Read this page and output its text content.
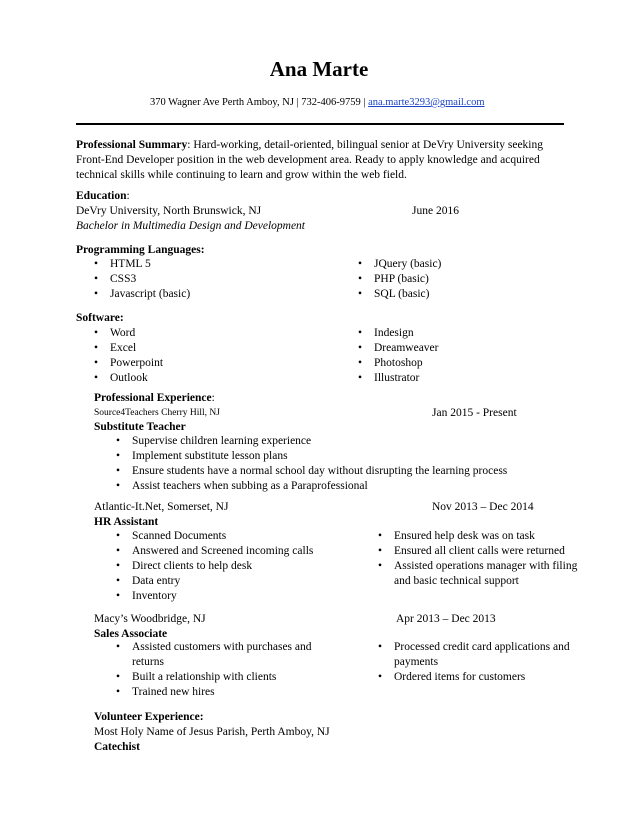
Ana Marte
370 Wagner Ave Perth Amboy, NJ | 732-406-9759 | ana.marte3293@gmail.com
Professional Summary: Hard-working, detail-oriented, bilingual senior at DeVry University seeking
Front-End Developer position in the web development area. Ready to apply knowledge and acquired
technical skills while continuing to learn and grow within the web field.
Education:
DeVry University, North Brunswick, NJ	June 2016
Bachelor in Multimedia Design and Development
Programming Languages:
• HTML 5
• CSS3
• Javascript (basic)
• JQuery (basic)
• PHP (basic)
• SQL (basic)
Software:
• Word
• Excel
• Powerpoint
• Outlook
• Indesign
• Dreamweaver
• Photoshop
• Illustrator
Professional Experience:
Source4Teachers Cherry Hill, NJ	Jan 2015 - Present
Substitute Teacher
• Supervise children learning experience
• Implement substitute lesson plans
• Ensure students have a normal school day without disrupting the learning process
• Assist teachers when subbing as a Paraprofessional
Atlantic-It.Net, Somerset, NJ	Nov 2013 – Dec 2014
HR Assistant
• Scanned Documents
• Answered and Screened incoming calls
• Direct clients to help desk
• Data entry
• Inventory
• Ensured help desk was on task
• Ensured all client calls were returned
• Assisted operations manager with filing and basic technical support
Macy’s Woodbridge, NJ	Apr 2013 – Dec 2013
Sales Associate
• Assisted customers with purchases and returns
• Built a relationship with clients
• Trained new hires
• Processed credit card applications and payments
• Ordered items for customers
Volunteer Experience:
Most Holy Name of Jesus Parish, Perth Amboy, NJ
Catechist
